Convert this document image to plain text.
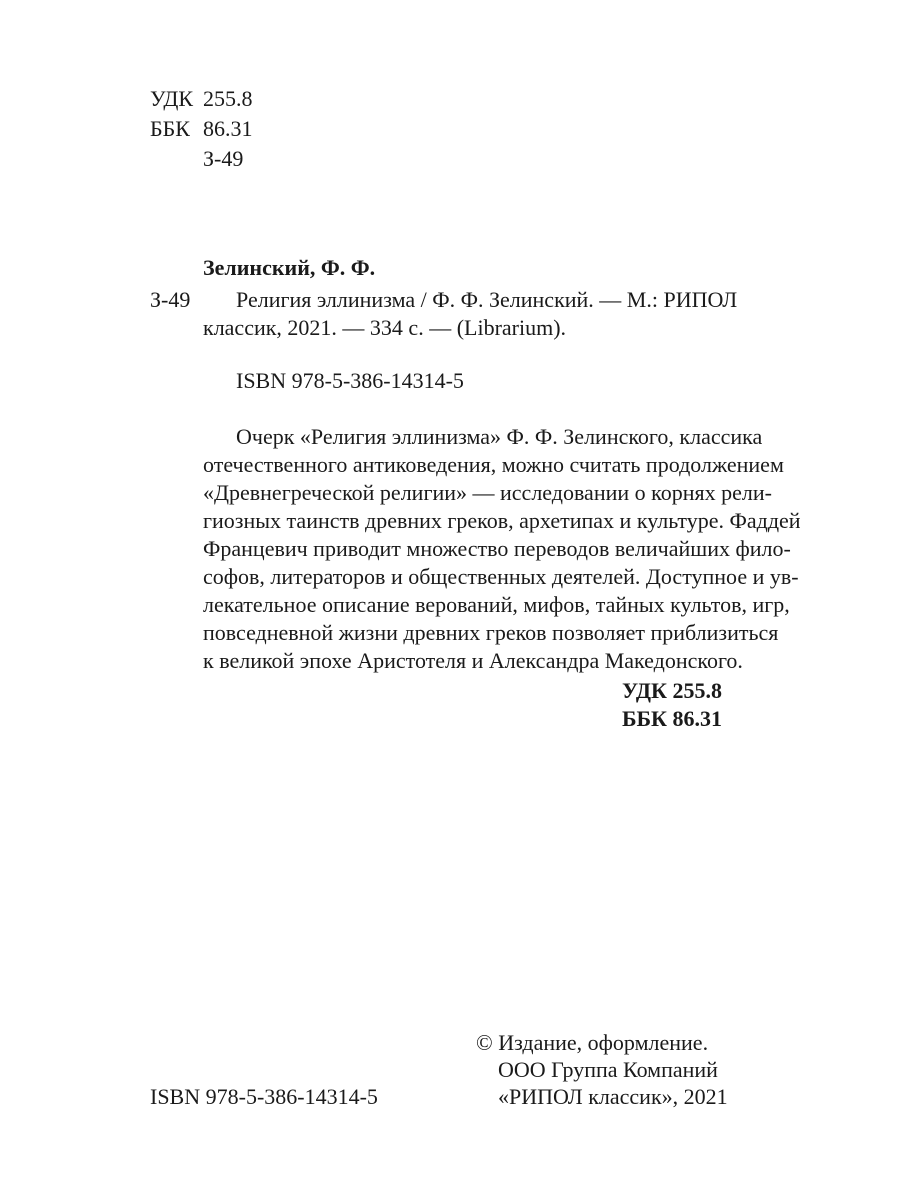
УДК 255.8
ББК 86.31
З-49
Зелинский, Ф. Ф.
З-49	Религия эллинизма / Ф. Ф. Зелинский. — М.: РИПОЛ
классик, 2021. — 334 с. — (Librarium).
ISBN 978-5-386-14314-5
Очерк «Религия эллинизма» Ф. Ф. Зелинского, классика
отечественного антиковедения, можно считать продолжением
«Древнегреческой религии» — исследовании о корнях рели-
гиозных таинств древних греков, архетипах и культуре. Фаддей
Францевич приводит множество переводов величайших фило-
софов, литераторов и общественных деятелей. Доступное и ув-
лекательное описание верований, мифов, тайных культов, игр,
повседневной жизни древних греков позволяет приблизиться
к великой эпохе Аристотеля и Александра Македонского.
УДК 255.8
ББК 86.31
© Издание, оформление.
ООО Группа Компаний
«РИПОЛ классик», 2021
ISBN 978-5-386-14314-5
